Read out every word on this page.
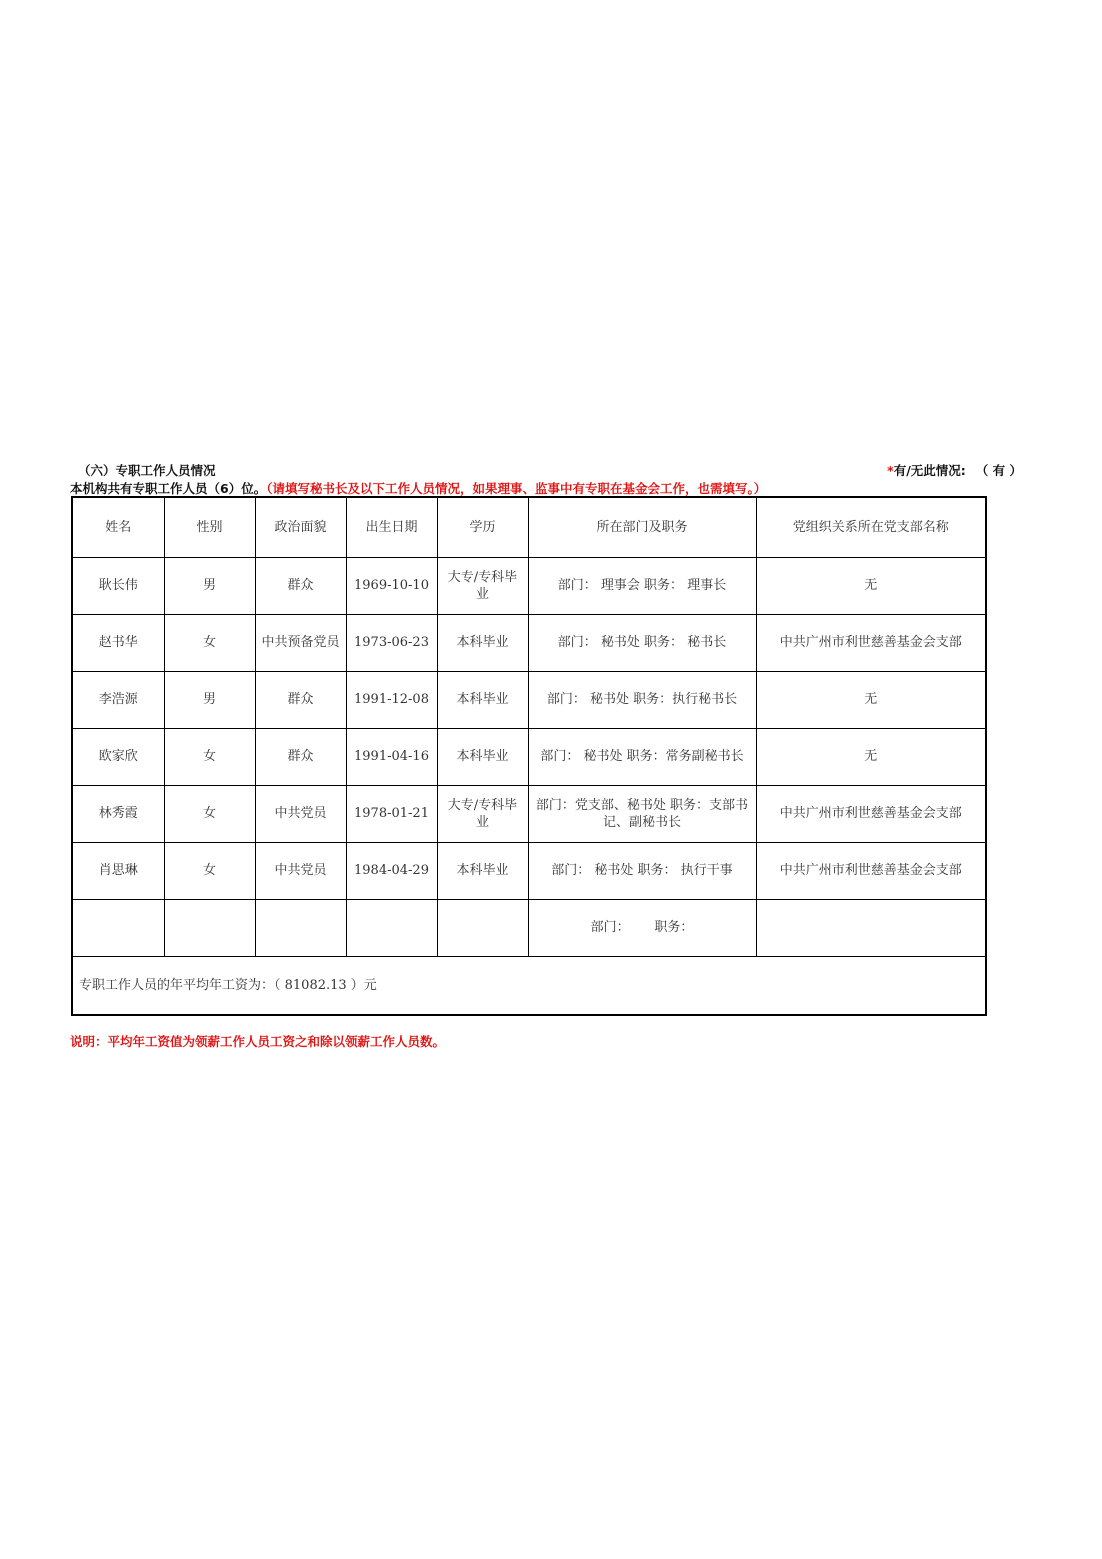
（六）专职工作人员情况	*有/无此情况: （ 有 ）
本机构共有专职工作人员（6）位。（请填写秘书长及以下工作人员情况，如果理事、监事中有专职在基金会工作，也需填写。）
姓名	性别	政治面貌	出生日期	学历	所在部门及职务	党组织关系所在党支部名称
耿长伟	男	群众	1969-10-10	大专/专科毕业	部门： 理事会 职务： 理事长	无
赵书华	女	中共预备党员	1973-06-23	本科毕业	部门： 秘书处 职务： 秘书长	中共广州市利世慈善基金会支部
李浩源	男	群众	1991-12-08	本科毕业	部门： 秘书处 职务：执行秘书长	无
欧家欣	女	群众	1991-04-16	本科毕业	部门： 秘书处 职务：常务副秘书长	无
林秀霞	女	中共党员	1978-01-21	大专/专科毕业	部门：党支部、秘书处 职务：支部书记、副秘书长	中共广州市利世慈善基金会支部
肖思琳	女	中共党员	1984-04-29	本科毕业	部门： 秘书处 职务： 执行干事	中共广州市利世慈善基金会支部
					部门：      职务：	
专职工作人员的年平均年工资为：（ 81082.13 ）元						
说明：平均年工资值为领薪工作人员工资之和除以领薪工作人员数。
